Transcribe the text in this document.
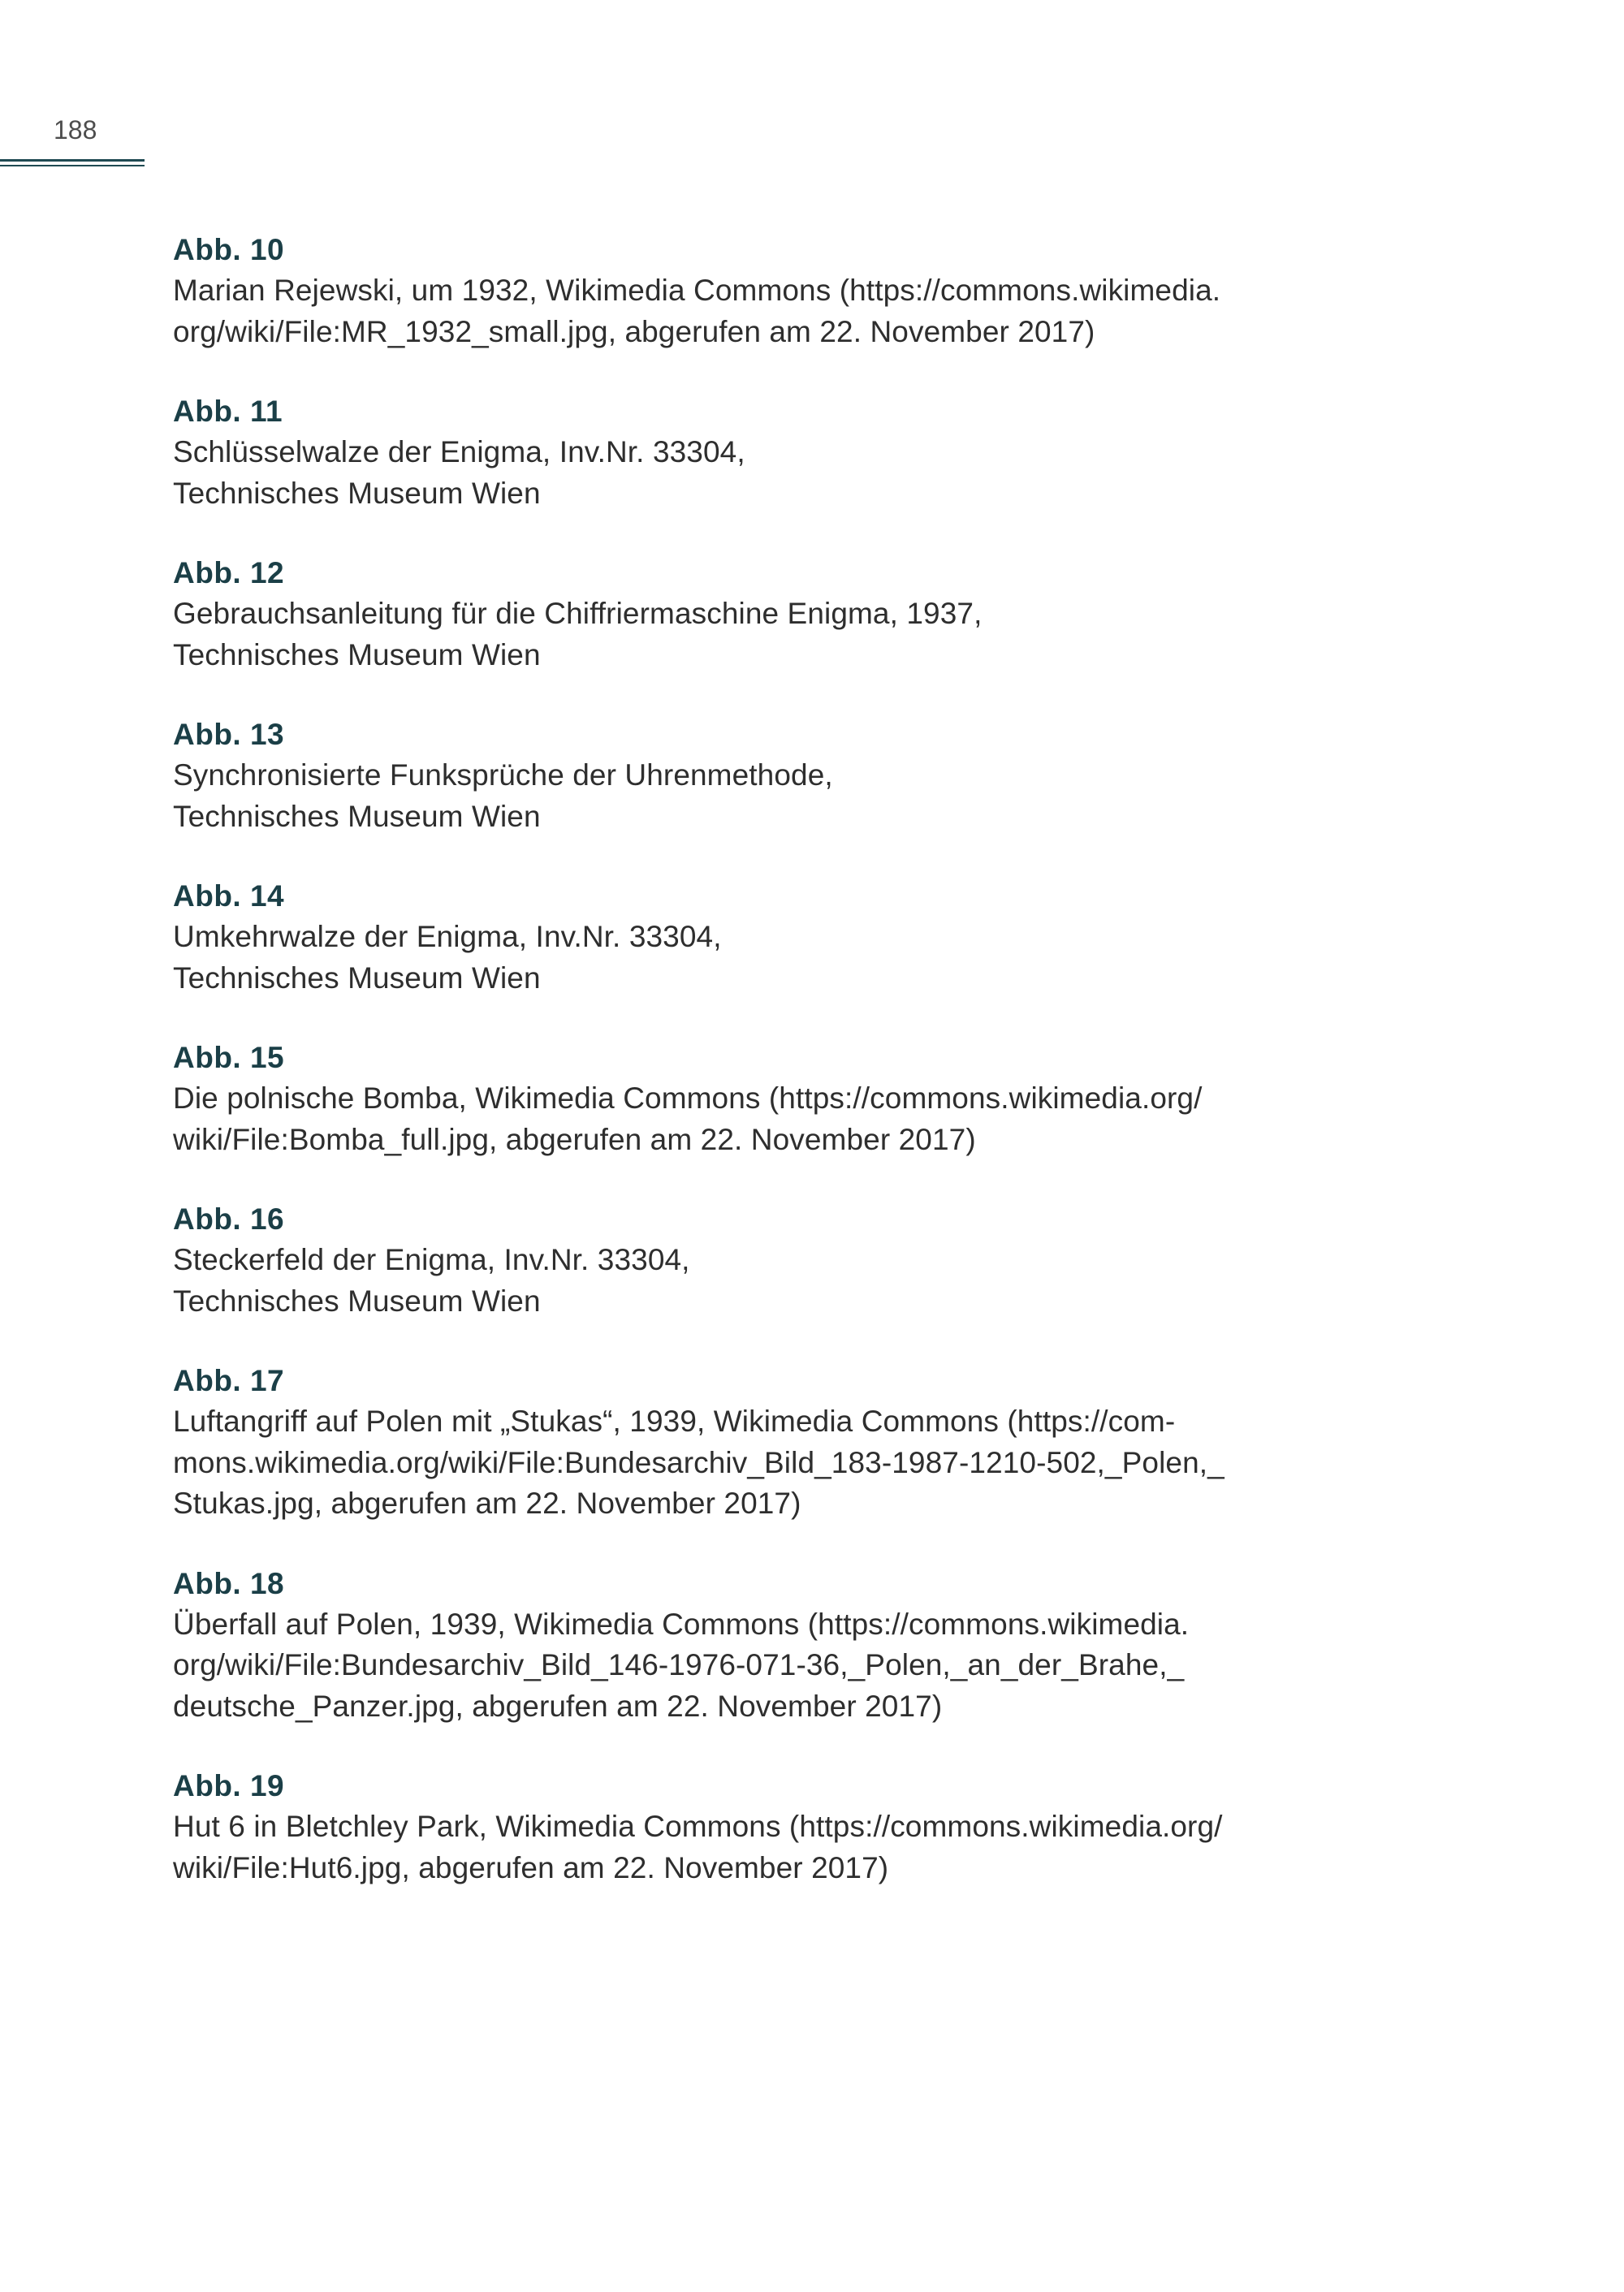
188
Abb. 10
Marian Rejewski, um 1932, Wikimedia Commons (https://commons.wikimedia.
org/wiki/File:MR_1932_small.jpg, abgerufen am 22. November 2017)
Abb. 11
Schlüsselwalze der Enigma, Inv.Nr. 33304,
Technisches Museum Wien
Abb. 12
Gebrauchsanleitung für die Chiffriermaschine Enigma, 1937,
Technisches Museum Wien
Abb. 13
Synchronisierte Funksprüche der Uhrenmethode,
Technisches Museum Wien
Abb. 14
Umkehrwalze der Enigma, Inv.Nr. 33304,
Technisches Museum Wien
Abb. 15
Die polnische Bomba, Wikimedia Commons (https://commons.wikimedia.org/
wiki/File:Bomba_full.jpg, abgerufen am 22. November 2017)
Abb. 16
Steckerfeld der Enigma, Inv.Nr. 33304,
Technisches Museum Wien
Abb. 17
Luftangriff auf Polen mit „Stukas“, 1939, Wikimedia Commons (https://com-
mons.wikimedia.org/wiki/File:Bundesarchiv_Bild_183-1987-1210-502,_Polen,_
Stukas.jpg, abgerufen am 22. November 2017)
Abb. 18
Überfall auf Polen, 1939, Wikimedia Commons (https://commons.wikimedia.
org/wiki/File:Bundesarchiv_Bild_146-1976-071-36,_Polen,_an_der_Brahe,_
deutsche_Panzer.jpg, abgerufen am 22. November 2017)
Abb. 19
Hut 6 in Bletchley Park, Wikimedia Commons (https://commons.wikimedia.org/
wiki/File:Hut6.jpg, abgerufen am 22. November 2017)
